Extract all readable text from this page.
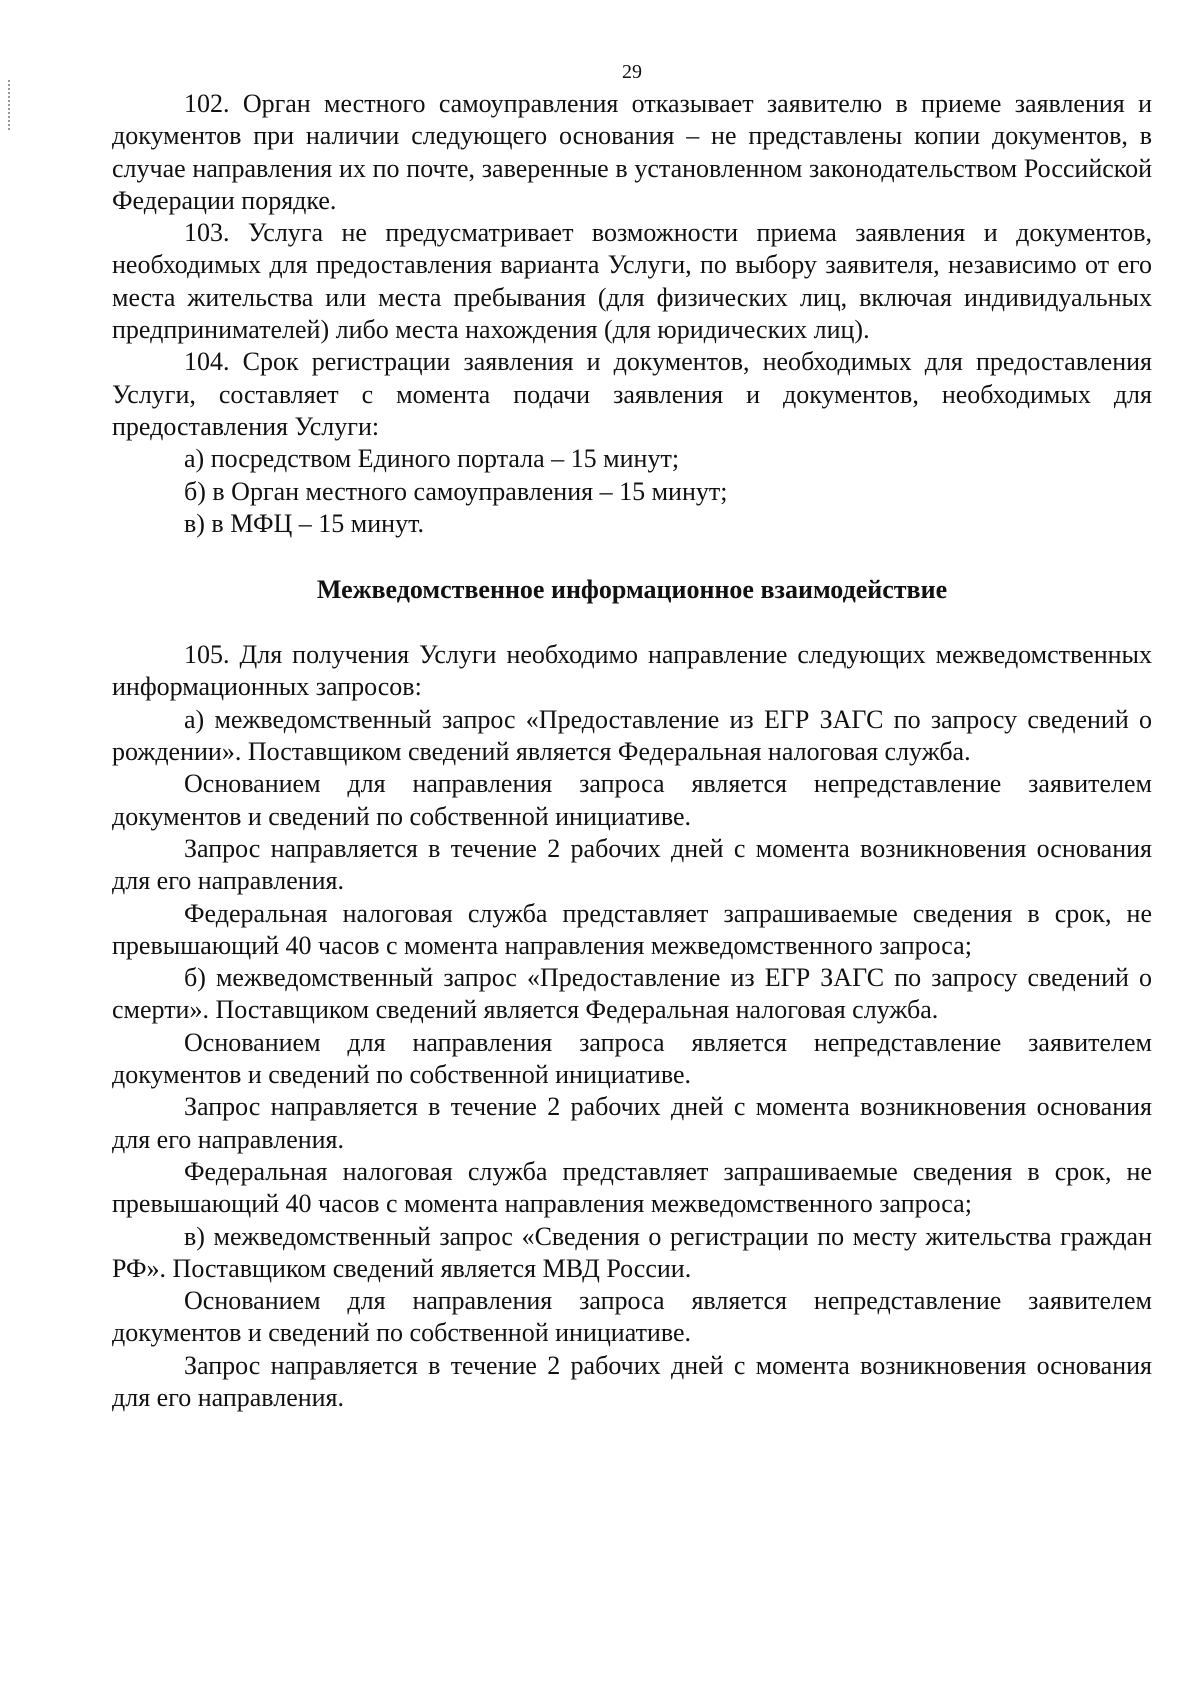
29

102. Орган местного самоуправления отказывает заявителю в приеме заявления и документов при наличии следующего основания – не представлены копии документов, в случае направления их по почте, заверенные в установленном законодательством Российской Федерации порядке.

103. Услуга не предусматривает возможности приема заявления и документов, необходимых для предоставления варианта Услуги, по выбору заявителя, независимо от его места жительства или места пребывания (для физических лиц, включая индивидуальных предпринимателей) либо места нахождения (для юридических лиц).

104. Срок регистрации заявления и документов, необходимых для предоставления Услуги, составляет с момента подачи заявления и документов, необходимых для предоставления Услуги:

а) посредством Единого портала – 15 минут;

б) в Орган местного самоуправления – 15 минут;

в) в МФЦ – 15 минут.

Межведомственное информационное взаимодействие

105. Для получения Услуги необходимо направление следующих межведомственных информационных запросов:

а) межведомственный запрос «Предоставление из ЕГР ЗАГС по запросу сведений о рождении». Поставщиком сведений является Федеральная налоговая служба.

Основанием для направления запроса является непредставление заявителем документов и сведений по собственной инициативе.

Запрос направляется в течение 2 рабочих дней с момента возникновения основания для его направления.

Федеральная налоговая служба представляет запрашиваемые сведения в срок, не превышающий 40 часов с момента направления межведомственного запроса;

б) межведомственный запрос «Предоставление из ЕГР ЗАГС по запросу сведений о смерти». Поставщиком сведений является Федеральная налоговая служба.

Основанием для направления запроса является непредставление заявителем документов и сведений по собственной инициативе.

Запрос направляется в течение 2 рабочих дней с момента возникновения основания для его направления.

Федеральная налоговая служба представляет запрашиваемые сведения в срок, не превышающий 40 часов с момента направления межведомственного запроса;

в) межведомственный запрос «Сведения о регистрации по месту жительства граждан РФ». Поставщиком сведений является МВД России.

Основанием для направления запроса является непредставление заявителем документов и сведений по собственной инициативе.

Запрос направляется в течение 2 рабочих дней с момента возникновения основания для его направления.
